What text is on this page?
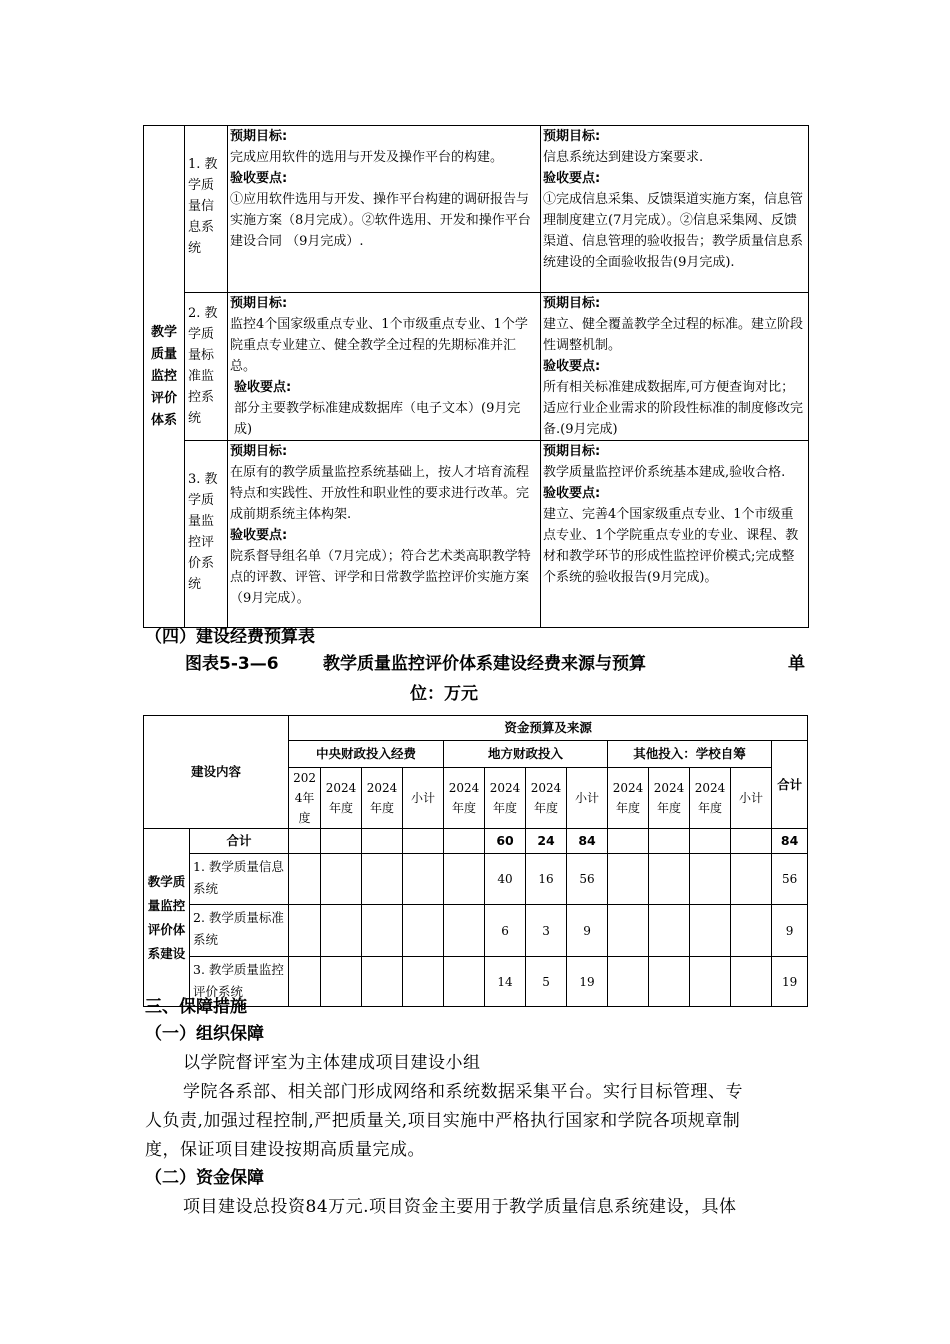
教学质量监控评价体系	1. 教学质量信息系统	预期目标:
完成应用软件的选用与开发及操作平台的构建。
验收要点:
①应用软件选用与开发、操作平台构建的调研报告与实施方案（8月完成）。②软件选用、开发和操作平台建设合同 （9月完成）.	预期目标:
信息系统达到建设方案要求.
验收要点:
①完成信息采集、反馈渠道实施方案，信息管理制度建立(7月完成）。②信息采集网、反馈渠道、信息管理的验收报告；教学质量信息系统建设的全面验收报告(9月完成).

	2. 教学质量标准监控系统	预期目标:
监控4个国家级重点专业、1个市级重点专业、1个学院重点专业建立、健全教学全过程的先期标准并汇总。
验收要点:
部分主要教学标准建成数据库（电子文本）(9月完成)	预期目标:
建立、健全覆盖教学全过程的标准。建立阶段性调整机制。
验收要点:
所有相关标准建成数据库,可方便查询对比；适应行业企业需求的阶段性标准的制度修改完备.(9月完成)

	3. 教学质量监控评价系统	预期目标:
在原有的教学质量监控系统基础上，按人才培育流程特点和实践性、开放性和职业性的要求进行改革。完成前期系统主体构架.
验收要点:
院系督导组名单（7月完成）；符合艺术类高职教学特点的评教、评管、评学和日常教学监控评价实施方案（9月完成）。	预期目标:
教学质量监控评价系统基本建成,验收合格.
验收要点:
建立、完善4个国家级重点专业、1个市级重点专业、1个学院重点专业的专业、课程、教材和教学环节的形成性监控评价模式;完成整个系统的验收报告(9月完成)。
（四）建设经费预算表
图表5-3—6	教学质量监控评价体系建设经费来源与预算	单
位：万元
建设内容		资金预算及来源												
		中央财政投入经费				地方财政投入				其他投入：学校自筹				合计
		2024年度	2024年度	2024年度	小计	2024年度	2024年度	2024年度	小计	2024年度	2024年度	2024年度	小计	
教学质量监控评价体系建设	合计						60	24	84					84
	1. 教学质量信息系统						40	16	56					56
	2. 教学质量标准系统						6	3	9					9
	3. 教学质量监控评价系统						14	5	19					19
三、保障措施
（一）组织保障
以学院督评室为主体建成项目建设小组
学院各系部、相关部门形成网络和系统数据采集平台。实行目标管理、专
人负责,加强过程控制,严把质量关,项目实施中严格执行国家和学院各项规章制
度，保证项目建设按期高质量完成。
（二）资金保障
项目建设总投资84万元.项目资金主要用于教学质量信息系统建设，具体
